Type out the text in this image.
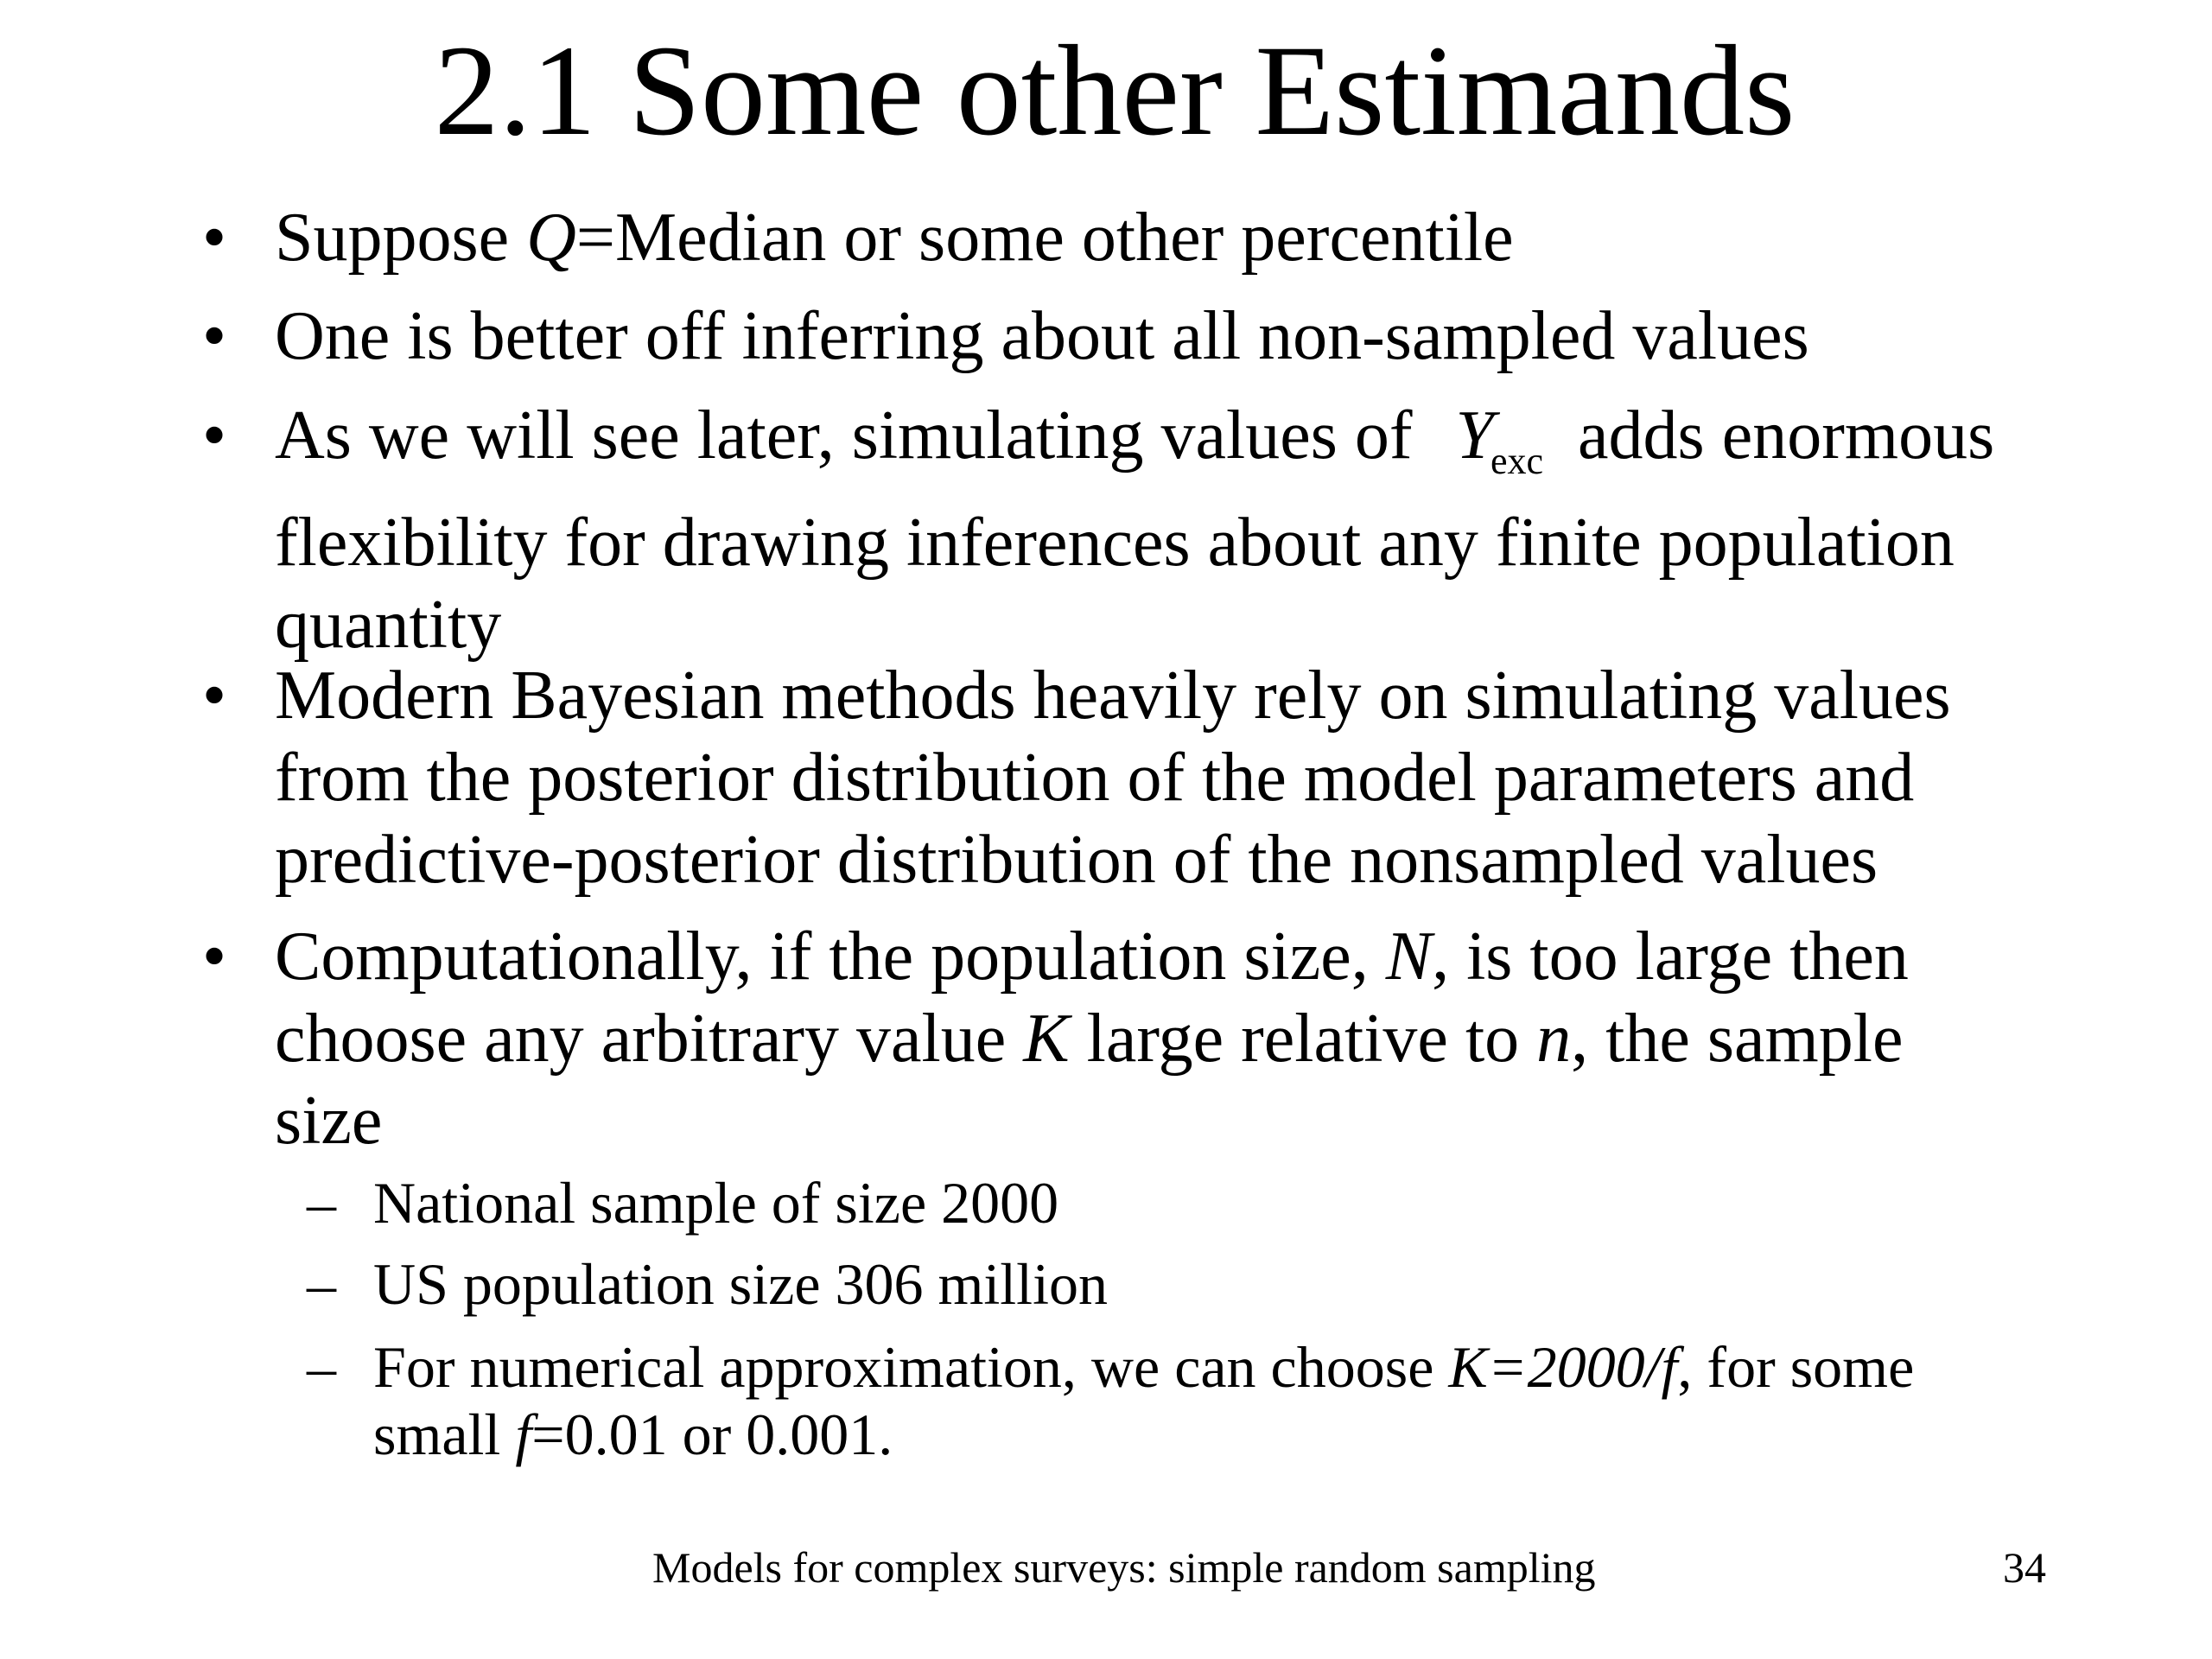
2.1 Some other Estimands
• Suppose Q=Median or some other percentile
• One is better off inferring about all non-sampled values
• As we will see later, simulating values of $Y_{exc}$ adds enormous
flexibility for drawing inferences about any finite population
quantity
• Modern Bayesian methods heavily rely on simulating values
from the posterior distribution of the model parameters and
predictive-posterior distribution of the nonsampled values
• Computationally, if the population size, N, is too large then
choose any arbitrary value K large relative to n, the sample
size
– National sample of size 2000
– US population size 306 million
– For numerical approximation, we can choose K=2000/f, for some
small f=0.01 or 0.001.
Models for complex surveys: simple random sampling	34
